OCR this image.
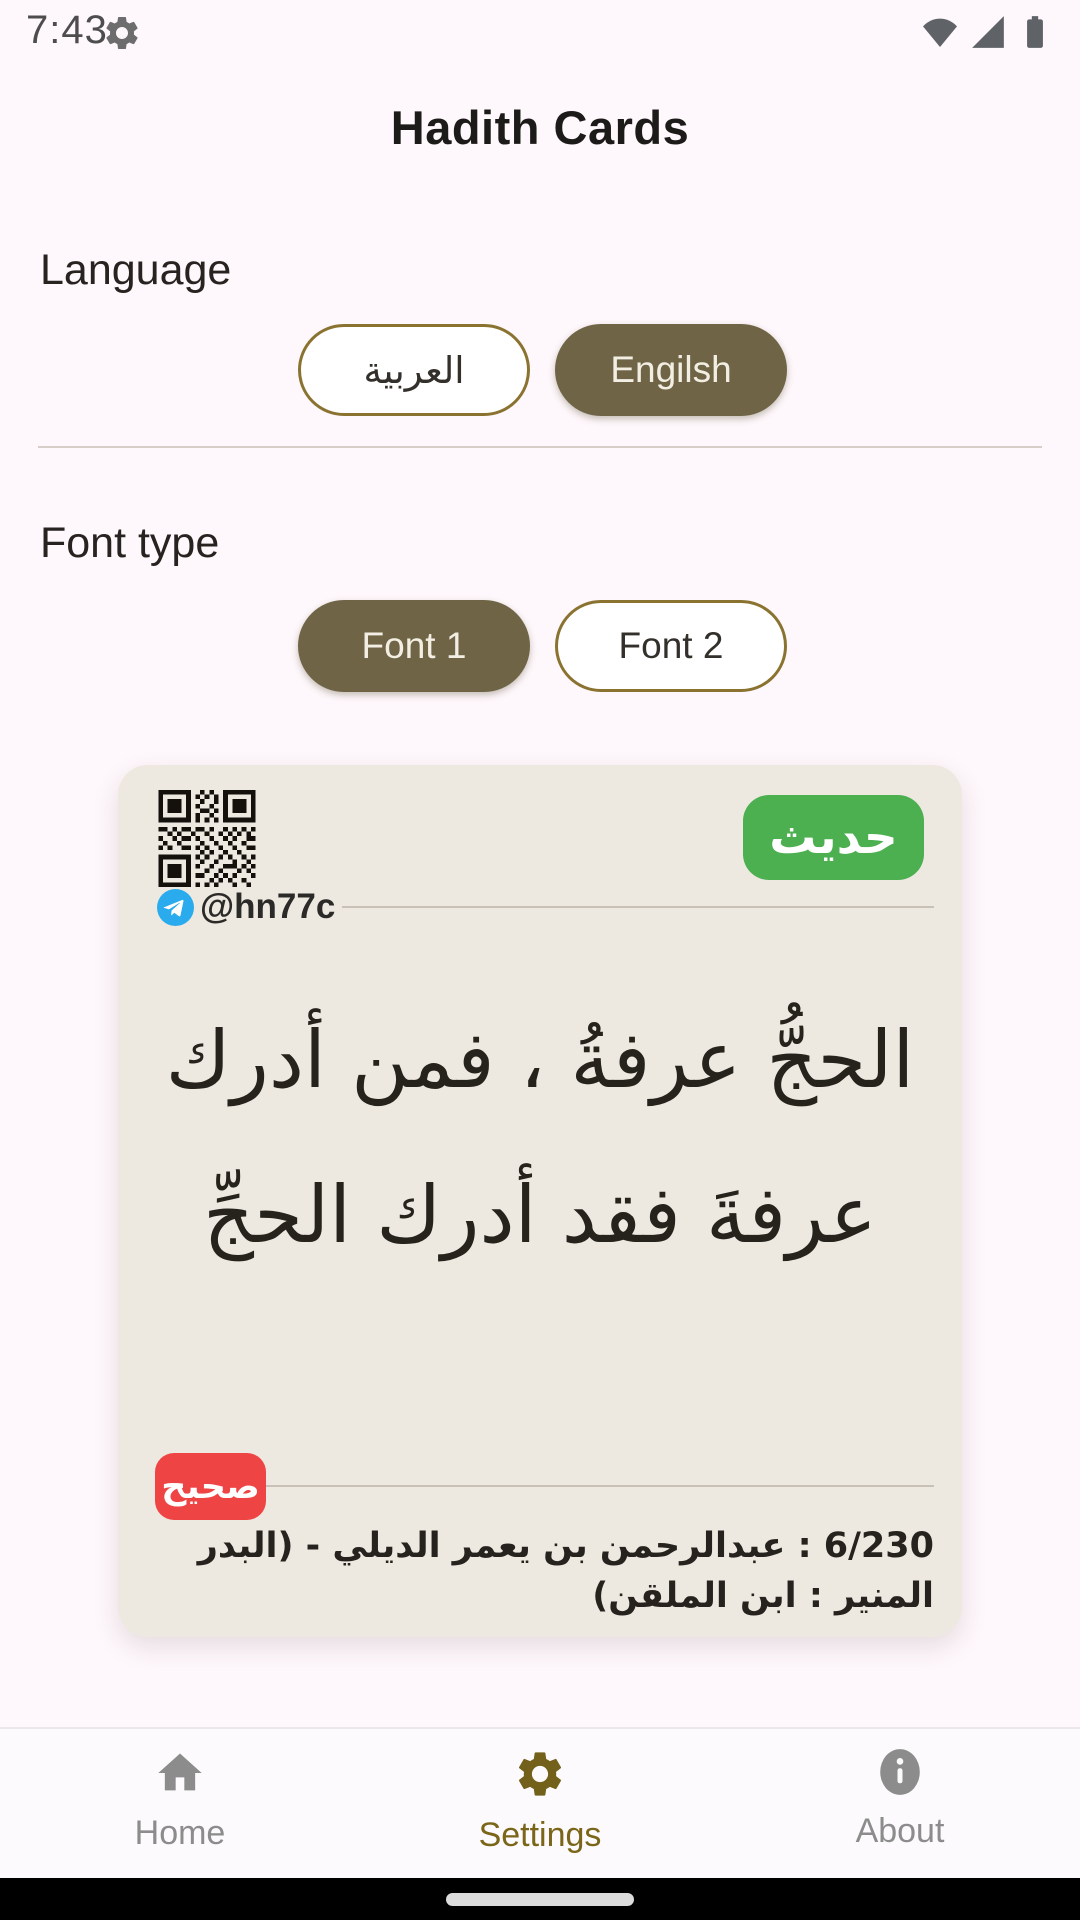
7:43
Hadith Cards
Language
العربية	Engilsh
Font type
Font 1	Font 2
حديث
@hn77c
الحجُّ عرفةُ ، فمن أدرك
عرفةَ فقد أدرك الحجِّ
صحيح
6/230 : عبدالرحمن بن يعمر الديلي - (البدر المنير : ابن الملقن)
Home	Settings	About
